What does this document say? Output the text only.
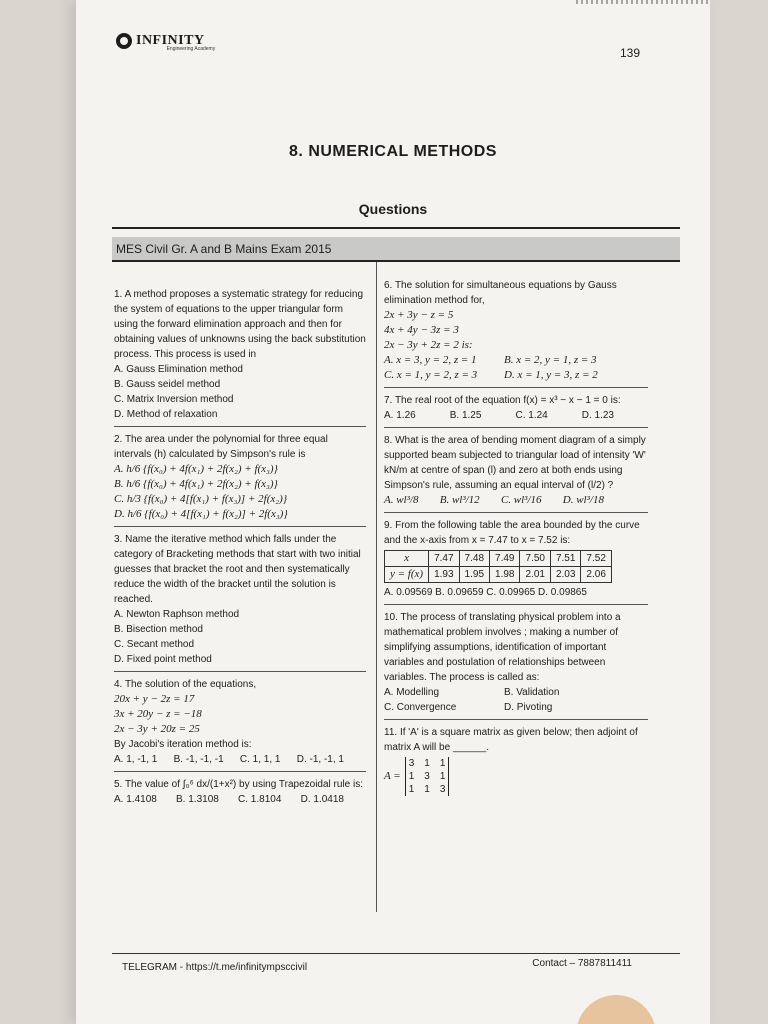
INFINITY
Engineering Academy	139
8. NUMERICAL METHODS
Questions
MES Civil Gr. A and B Mains Exam 2015
1. A method proposes a systematic strategy for reducing the system of equations to the upper triangular form using the forward elimination approach and then for obtaining values of unknowns using the back substitution process. This process is used in
A. Gauss Elimination method
B. Gauss seidel method
C. Matrix Inversion method
D. Method of relaxation
2. The area under the polynomial for three equal intervals (h) calculated by Simpson's rule is
A. h/6 {f(x₀) + 4f(x₁) + 2f(x₂) + f(x₃)}
B. h/6 {f(x₀) + 4f(x₁) + 2f(x₂) + f(x₃)}
C. h/3 {f(x₀) + 4[f(x₁) + f(x₃)] + 2f(x₂)}
D. h/6 {f(x₀) + 4[f(x₁) + f(x₂)] + 2f(x₃)}
3. Name the iterative method which falls under the category of Bracketing methods that start with two initial guesses that bracket the root and then systematically reduce the width of the bracket until the solution is reached.
A. Newton Raphson method
B. Bisection method
C. Secant method
D. Fixed point method
4. The solution of the equations,
20x + y − 2z = 17
3x + 20y − z = −18
2x − 3y + 20z = 25
By Jacobi's iteration method is:
A. 1, -1, 1 B. -1, -1, -1 C. 1, 1, 1 D. -1, -1, 1
5. The value of ∫₀⁶ dx/(1+x²) by using Trapezoidal rule is:
A. 1.4108 B. 1.3108 C. 1.8104 D. 1.0418
6. The solution for simultaneous equations by Gauss elimination method for,
2x + 3y − z = 5
4x + 4y − 3z = 3
2x − 3y + 2z = 2 is:
A. x = 3, y = 2, z = 1	B. x = 2, y = 1, z = 3
C. x = 1, y = 2, z = 3	D. x = 1, y = 3, z = 2
7. The real root of the equation f(x) = x³ − x − 1 = 0 is:
A. 1.26	B. 1.25	C. 1.24	D. 1.23
8. What is the area of bending moment diagram of a simply supported beam subjected to triangular load of intensity 'W' kN/m at centre of span (l) and zero at both ends using Simpson's rule, assuming an equal interval of (l/2) ?
A. wl³/8 B. wl³/12 C. wl³/16 D. wl³/18
9. From the following table the area bounded by the curve and the x-axis from x = 7.47 to x = 7.52 is:
x	7.47	7.48	7.49	7.50	7.51	7.52
y = f(x)	1.93	1.95	1.98	2.01	2.03	2.06
A. 0.09569 B. 0.09659 C. 0.09965 D. 0.09865
10. The process of translating physical problem into a mathematical problem involves ; making a number of simplifying assumptions, identification of important variables and postulation of relationships between variables. The process is called as:
A. Modelling	B. Validation
C. Convergence	D. Pivoting
11. If 'A' is a square matrix as given below; then adjoint of matrix A will be ______.
A =
3 1 1
1 3 1
1 1 3
TELEGRAM - https://t.me/infinitympsccivil	Contact – 7887811411
